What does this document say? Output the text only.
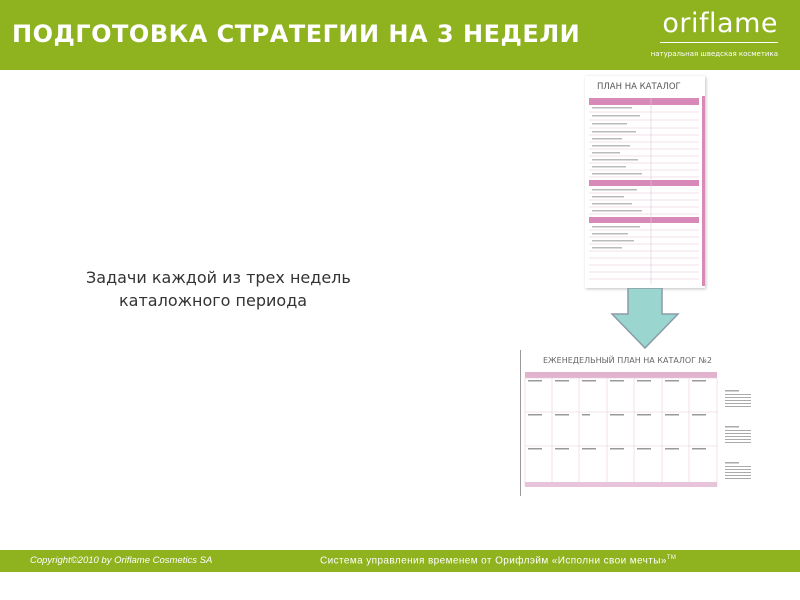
ПОДГОТОВКА СТРАТЕГИИ НА 3 НЕДЕЛИ	oriflame
натуральная шведская косметика
Задачи каждой из трех недель
каталожного периода
ПЛАН НА КАТАЛОГ
ЕЖЕНЕДЕЛЬНЫЙ ПЛАН НА КАТАЛОГ №2
Copyright©2010 by Oriflame Cosmetics SA	Система управления временем от Орифлэйм «Исполни свои мечты»™
